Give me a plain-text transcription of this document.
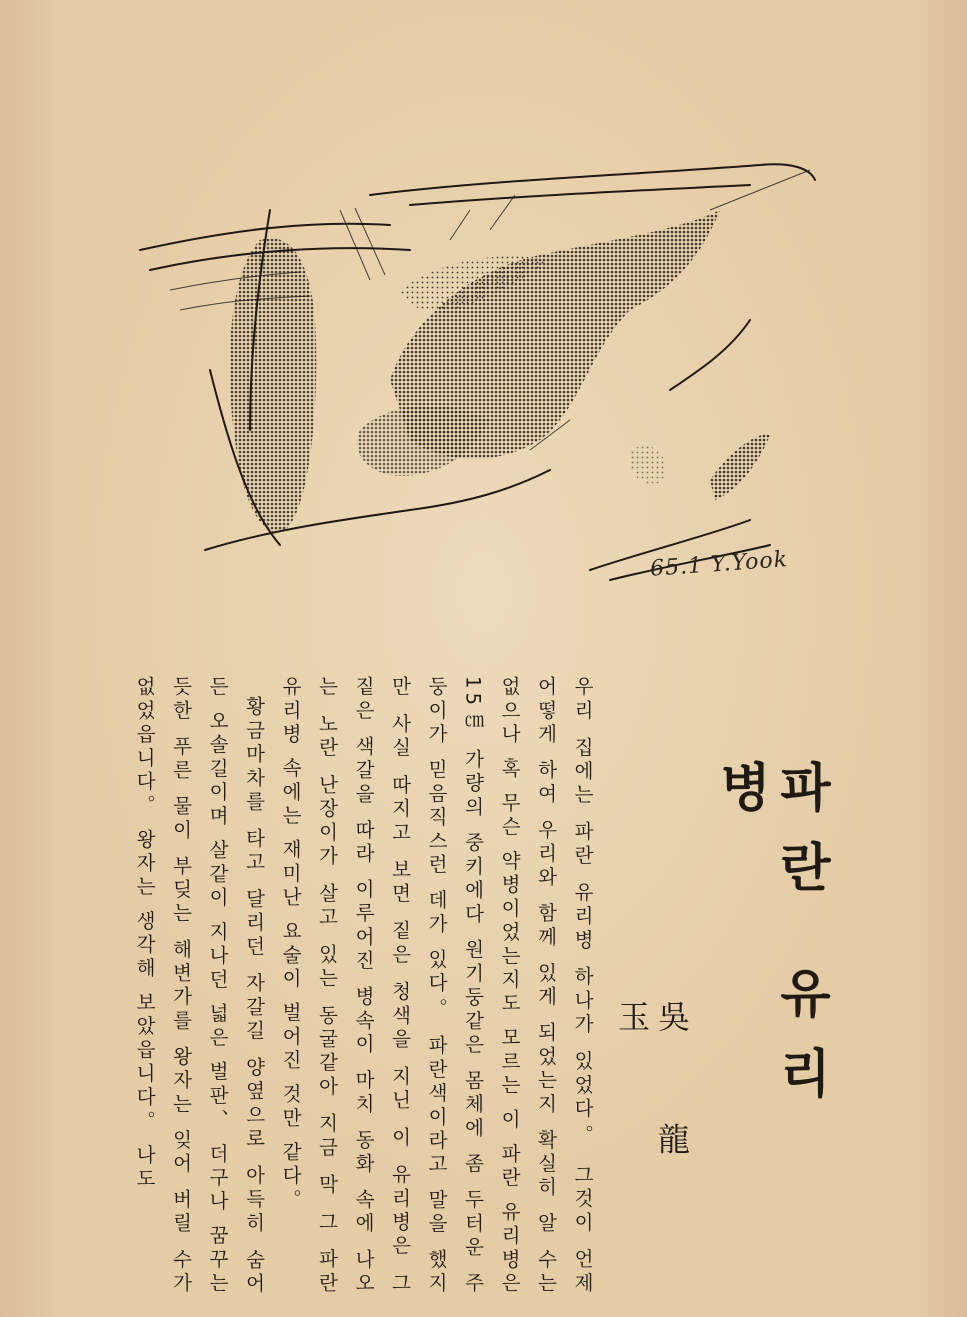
65.1 Y.Yook
파란 유리병
吳 龍 玉

우리 집에는 파란 유리병 하나가 있었다。 그것이 언제 어떻게 하여 우리와 함께 있게 되었는지 확실히 알 수는 없으나 혹 무슨 약병이었는지도 모르는 이 파란 유리병은 15㎝ 가량의 중키에다 원기둥같은 몸체에 좀 두터운 주둥이가 믿음직스런 데가 있다。 파란색이라고 말을 했지만 사실 따지고 보면 짙은 청색을 지닌 이 유리병은 그 짙은 색갈을 따라 이루어진 병속이 마치 동화 속에 나오는 노란 난장이가 살고 있는 동굴같아 지금 막 그 파란 유리병 속에는 재미난 요술이 벌어진 것만 같다。

황금마차를 타고 달리던 자갈길 양옆으로 아득히 숨어든 오솔길이며 살같이 지나던 넓은 벌판、 더구나 꿈꾸는 듯한 푸른 물이 부딪는 해변가를 왕자는 잊어 버릴 수가 없었읍니다。 왕자는 생각해 보았읍니다。 나도
